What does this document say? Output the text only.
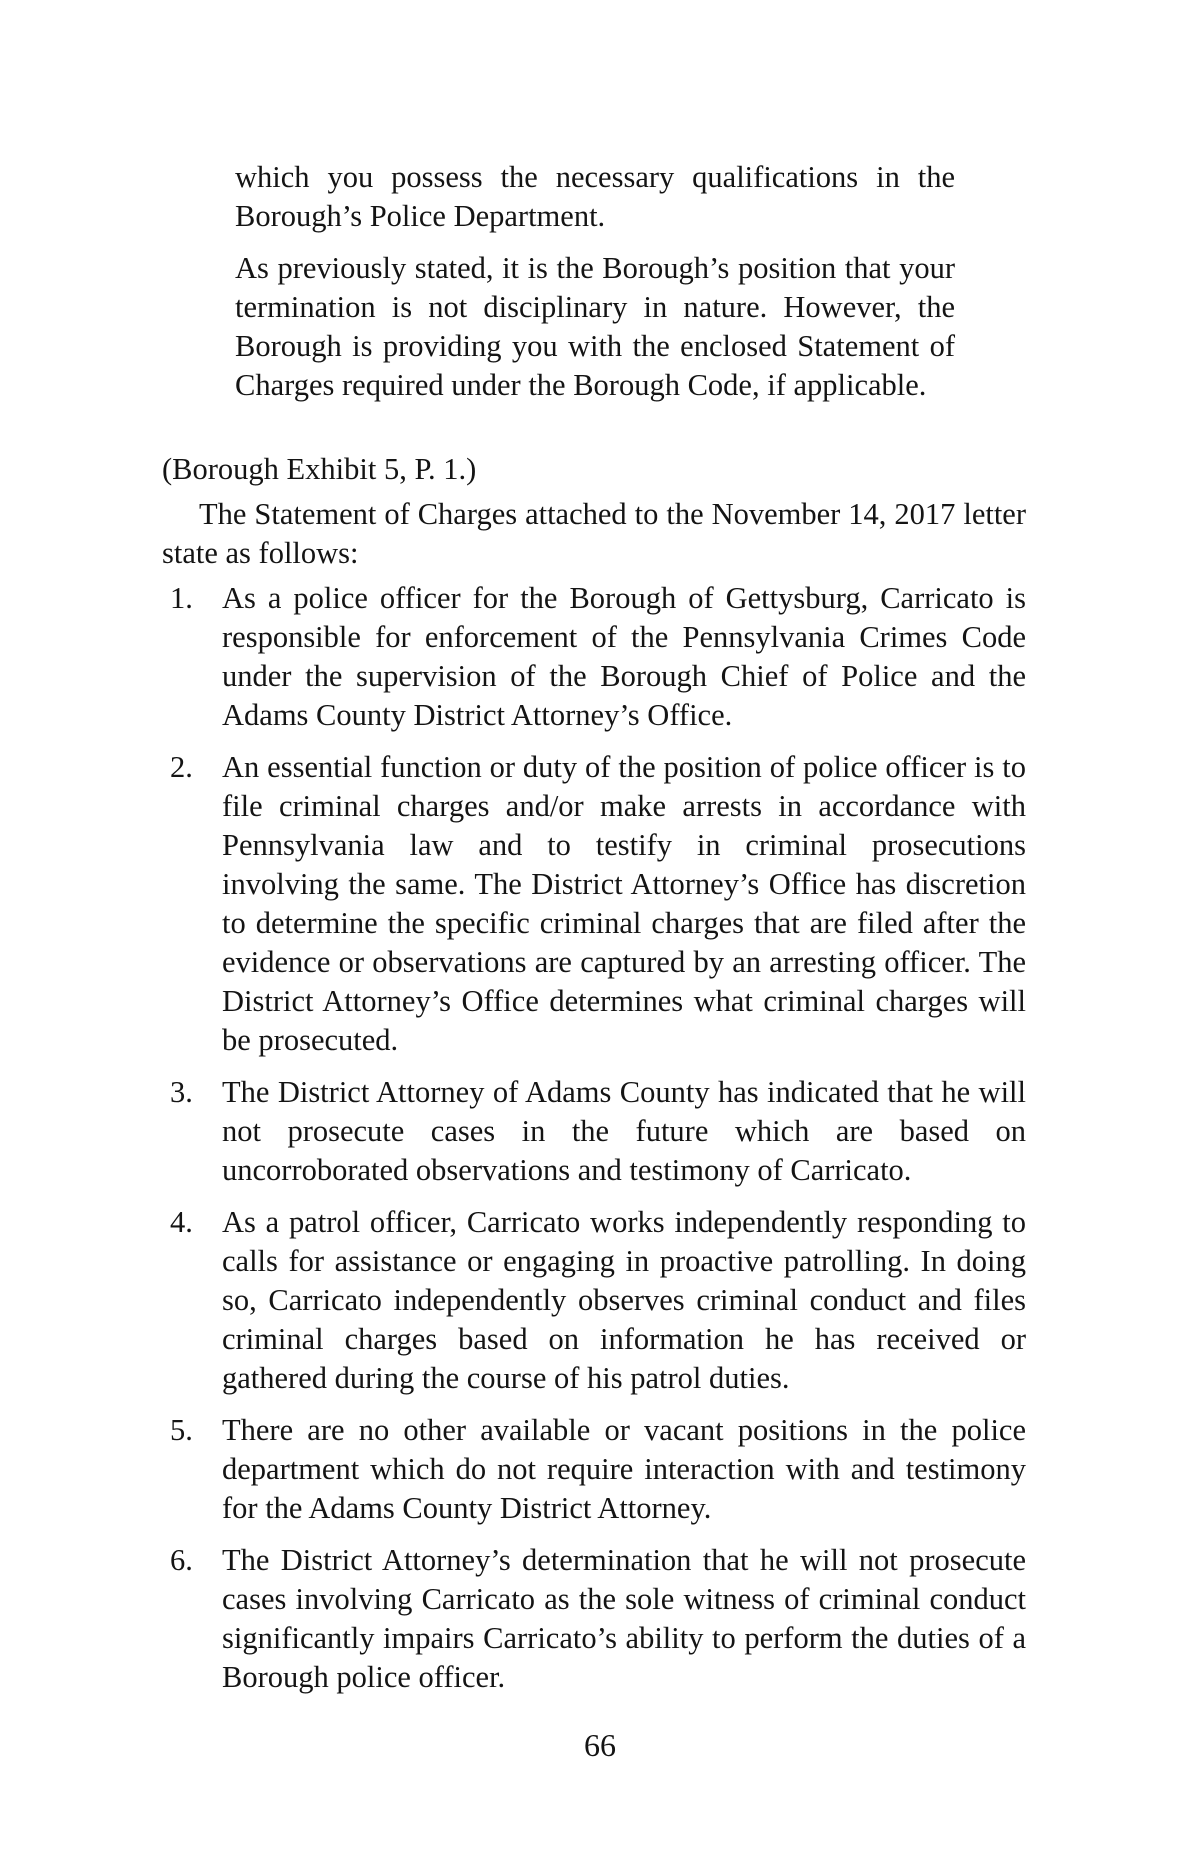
which you possess the necessary qualifications in the Borough’s Police Department.

As previously stated, it is the Borough’s position that your termination is not disciplinary in nature. However, the Borough is providing you with the enclosed Statement of Charges required under the Borough Code, if applicable.

(Borough Exhibit 5, P. 1.)

The Statement of Charges attached to the November 14, 2017 letter state as follows:

1. As a police officer for the Borough of Gettysburg, Carricato is responsible for enforcement of the Pennsylvania Crimes Code under the supervision of the Borough Chief of Police and the Adams County District Attorney’s Office.
2. An essential function or duty of the position of police officer is to file criminal charges and/or make arrests in accordance with Pennsylvania law and to testify in criminal prosecutions involving the same. The District Attorney’s Office has discretion to determine the specific criminal charges that are filed after the evidence or observations are captured by an arresting officer. The District Attorney’s Office determines what criminal charges will be prosecuted.
3. The District Attorney of Adams County has indicated that he will not prosecute cases in the future which are based on uncorroborated observations and testimony of Carricato.
4. As a patrol officer, Carricato works independently responding to calls for assistance or engaging in proactive patrolling. In doing so, Carricato independently observes criminal conduct and files criminal charges based on information he has received or gathered during the course of his patrol duties.
5. There are no other available or vacant positions in the police department which do not require interaction with and testimony for the Adams County District Attorney.
6. The District Attorney’s determination that he will not prosecute cases involving Carricato as the sole witness of criminal conduct significantly impairs Carricato’s ability to perform the duties of a Borough police officer.
66
